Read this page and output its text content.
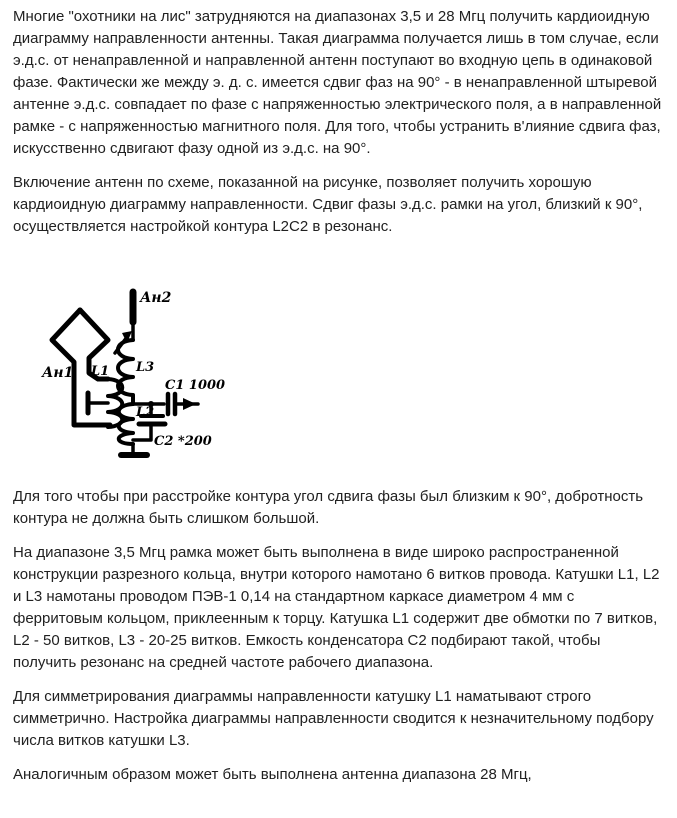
Многие "охотники на лис" затрудняются на диапазонах 3,5 и 28 Мгц получить кардиоидную диаграмму направленности антенны. Такая диаграмма получается лишь в том случае, если э.д.с. от ненаправленной и направленной антенн поступают во входную цепь в одинаковой фазе. Фактически же между э. д. с. имеется сдвиг фаз на 90° - в ненаправленной штыревой антенне э.д.с. совпадает по фазе с напряженностью электрического поля, а в направленной рамке - с напряженностью магнитного поля. Для того, чтобы устранить в'лияние сдвига фаз, искусственно сдвигают фазу одной из э.д.с. на 90°.

Включение антенн по схеме, показанной на рисунке, позволяет получить хорошую кардиоидную диаграмму направленности. Сдвиг фазы э.д.с. рамки на угол, близкий к 90°, осуществляется настройкой контура L2C2 в резонанс.

Ан1
Ан2
L1 L3
L2
С1 1000
С2 *200

Для того чтобы при расстройке контура угол сдвига фазы был близким к 90°, добротность контура не должна быть слишком большой.

На диапазоне 3,5 Мгц рамка может быть выполнена в виде широко распространенной конструкции разрезного кольца, внутри которого намотано 6 витков провода. Катушки L1, L2 и L3 намотаны проводом ПЭВ-1 0,14 на стандартном каркасе диаметром 4 мм с ферритовым кольцом, приклеенным к торцу. Катушка L1 содержит две обмотки по 7 витков, L2 - 50 витков, L3 - 20-25 витков. Емкость конденсатора С2 подбирают такой, чтобы получить резонанс на средней частоте рабочего диапазона.

Для симметрирования диаграммы направленности катушку L1 наматывают строго симметрично. Настройка диаграммы направленности сводится к незначительному подбору числа витков катушки L3.

Аналогичным образом может быть выполнена антенна диапазона 28 Мгц,
